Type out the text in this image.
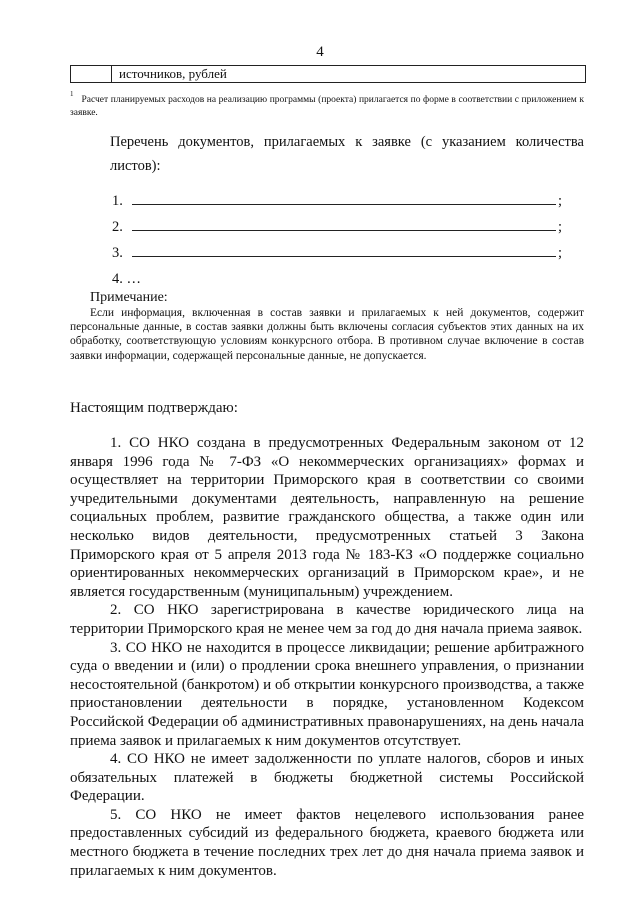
4
источников, рублей
$^1$Расчет планируемых расходов на реализацию программы (проекта) прилагается по форме в соответствии с приложением к заявке.
Перечень документов, прилагаемых к заявке (с указанием количества листов):
1.	;
2.	;
3.	;
4. …
Примечание:
Если информация, включенная в состав заявки и прилагаемых к ней документов, содержит персональные данные, в состав заявки должны быть включены согласия субъектов этих данных на их обработку, соответствующую условиям конкурсного отбора. В противном случае включение в состав заявки информации, содержащей персональные данные, не допускается.
Настоящим подтверждаю:

1. СО НКО создана в предусмотренных Федеральным законом от 12 января 1996 года № 7-ФЗ «О некоммерческих организациях» формах и осуществляет на территории Приморского края в соответствии со своими учредительными документами деятельность, направленную на решение социальных проблем, развитие гражданского общества, а также один или несколько видов деятельности, предусмотренных статьей 3 Закона Приморского края от 5 апреля 2013 года № 183-КЗ «О поддержке социально ориентированных некоммерческих организаций в Приморском крае», и не является государственным (муниципальным) учреждением.

2. СО НКО зарегистрирована в качестве юридического лица на территории Приморского края не менее чем за год до дня начала приема заявок.

3. СО НКО не находится в процессе ликвидации; решение арбитражного суда о введении и (или) о продлении срока внешнего управления, о признании несостоятельной (банкротом) и об открытии конкурсного производства, а также приостановлении деятельности в порядке, установленном Кодексом Российской Федерации об административных правонарушениях, на день начала приема заявок и прилагаемых к ним документов отсутствует.

4. СО НКО не имеет задолженности по уплате налогов, сборов и иных обязательных платежей в бюджеты бюджетной системы Российской Федерации.

5. СО НКО не имеет фактов нецелевого использования ранее предоставленных субсидий из федерального бюджета, краевого бюджета или местного бюджета в течение последних трех лет до дня начала приема заявок и прилагаемых к ним документов.
